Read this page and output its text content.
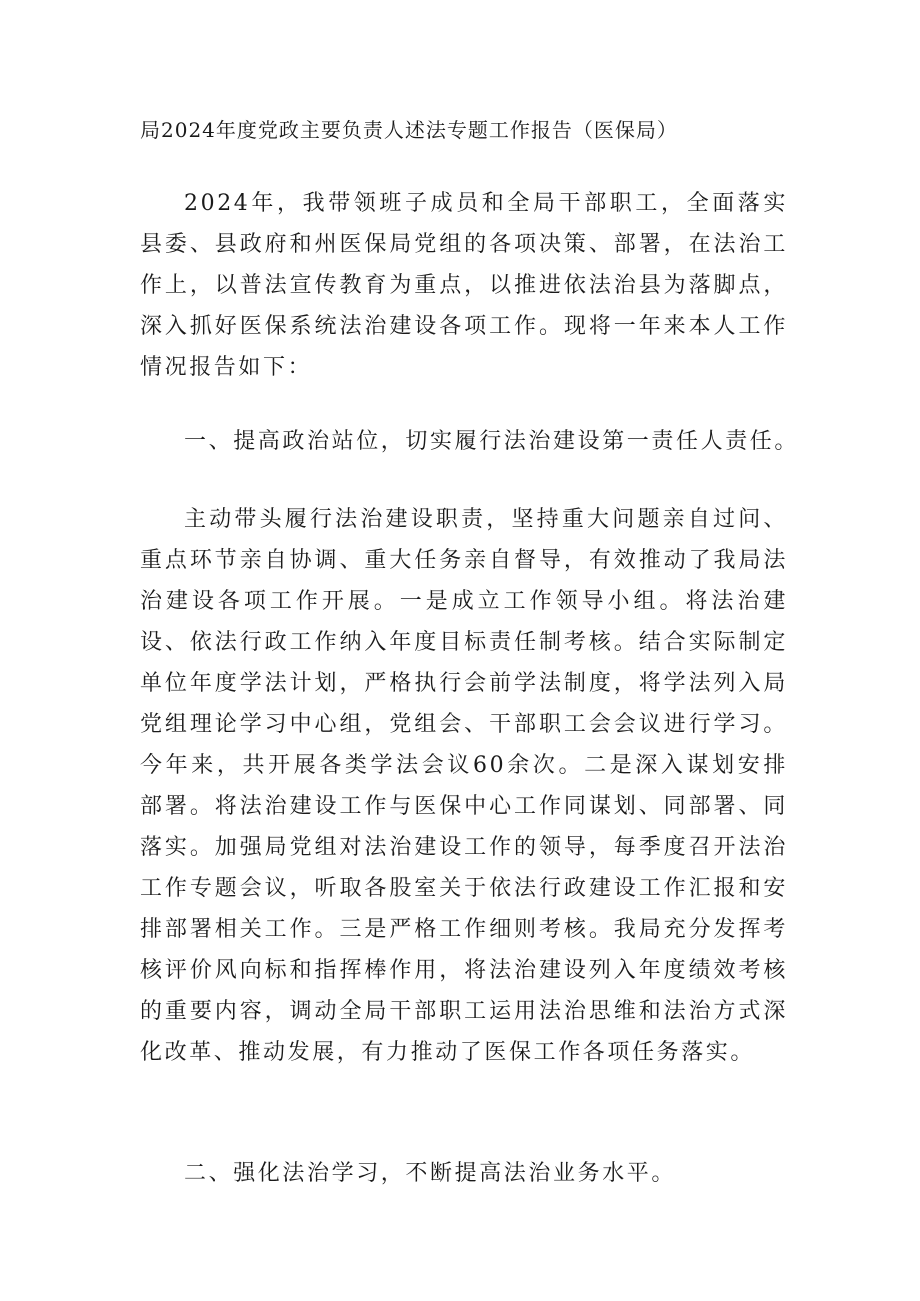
局2024年度党政主要负责人述法专题工作报告（医保局）

2024年，我带领班子成员和全局干部职工，全面落实县委、县政府和州医保局党组的各项决策、部署，在法治工作上，以普法宣传教育为重点，以推进依法治县为落脚点，深入抓好医保系统法治建设各项工作。现将一年来本人工作情况报告如下：

一、提高政治站位，切实履行法治建设第一责任人责任。

主动带头履行法治建设职责，坚持重大问题亲自过问、重点环节亲自协调、重大任务亲自督导，有效推动了我局法治建设各项工作开展。一是成立工作领导小组。将法治建设、依法行政工作纳入年度目标责任制考核。结合实际制定单位年度学法计划，严格执行会前学法制度，将学法列入局党组理论学习中心组，党组会、干部职工会会议进行学习。今年来，共开展各类学法会议60余次。二是深入谋划安排部署。将法治建设工作与医保中心工作同谋划、同部署、同落实。加强局党组对法治建设工作的领导，每季度召开法治工作专题会议，听取各股室关于依法行政建设工作汇报和安排部署相关工作。三是严格工作细则考核。我局充分发挥考核评价风向标和指挥棒作用，将法治建设列入年度绩效考核的重要内容，调动全局干部职工运用法治思维和法治方式深化改革、推动发展，有力推动了医保工作各项任务落实。

二、强化法治学习，不断提高法治业务水平。
